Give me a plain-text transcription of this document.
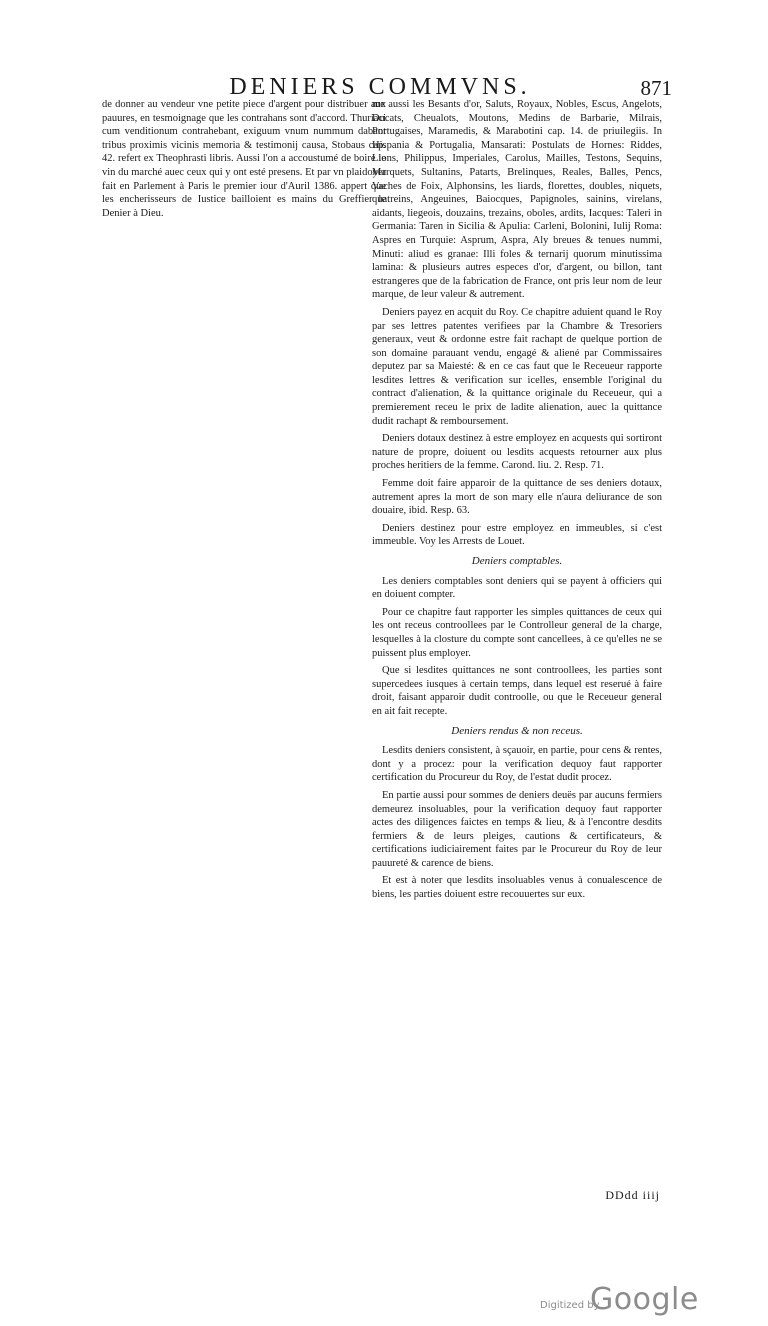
DENIERS COMMVNS.	871

de donner au vendeur vne petite piece d'argent pour distribuer aux pauures, en tesmoignage que les contrahans sont d'accord. Thuriaci cum venditionum contrahebant, exiguum vnum nummum dabant tribus proximis vicinis memoria & testimonij causa, Stobaus cap. 42. refert ex Theophrasti libris. Aussi l'on a accoustumé de boire le vin du marché auec ceux qui y ont esté presens. Et par vn plaidoyer fait en Parlement à Paris le premier iour d'Auril 1386. appert que les encherisseurs de Iustice bailloient es mains du Greffier le Denier à Dieu.

me aussi les Besants d'or, Saluts, Royaux, Nobles, Escus, Angelots, Ducats, Cheualots, Moutons, Medins de Barbarie, Milrais, Portugaises, Maramedis, & Marabotini cap. 14. de priuilegiis. In Hispania & Portugalia, Mansarati: Postulats de Hornes: Riddes, Lions, Philippus, Imperiales, Carolus, Mailles, Testons, Sequins, Marquets, Sultanins, Patarts, Brelinques, Reales, Balles, Pencs, Vaches de Foix, Alphonsins, les liards, florettes, doubles, niquets, quatreins, Angeuines, Baiocques, Papignoles, sainins, virelans, aidants, liegeois, douzains, trezains, oboles, ardits, Iacques: Taleri in Germania: Taren in Sicilia & Apulia: Carleni, Bolonini, Iulij Roma: Aspres en Turquie: Asprum, Aspra, Aly breues & tenues nummi, Minuti: aliud es granae: Illi foles & ternarij quorum minutissima lamina: & plusieurs autres especes d'or, d'argent, ou billon, tant estrangeres que de la fabrication de France, ont pris leur nom de leur marque, de leur valeur & autrement.

Deniers payez en acquit du Roy. Ce chapitre aduient quand le Roy par ses lettres patentes verifiees par la Chambre & Tresoriers generaux, veut & ordonne estre fait rachapt de quelque portion de son domaine parauant vendu, engagé & aliené par Commissaires deputez par sa Maiesté: & en ce cas faut que le Receueur rapporte lesdites lettres & verification sur icelles, ensemble l'original du contract d'alienation, & la quittance originale du Receueur, qui a premierement receu le prix de ladite alienation, auec la quittance dudit rachapt & remboursement.

Deniers dotaux destinez à estre employez en acquests qui sortiront nature de propre, doiuent ou lesdits acquests retourner aux plus proches heritiers de la femme. Carond. liu. 2. Resp. 71.

Femme doit faire apparoir de la quittance de ses deniers dotaux, autrement apres la mort de son mary elle n'aura deliurance de son douaire, ibid. Resp. 63.

Deniers destinez pour estre employez en immeubles, si c'est immeuble. Voy les Arrests de Louet.

Deniers comptables.

Les deniers comptables sont deniers qui se payent à officiers qui en doiuent compter.

Pour ce chapitre faut rapporter les simples quittances de ceux qui les ont receus controollees par le Controlleur general de la charge, lesquelles à la closture du compte sont cancellees, à ce qu'elles ne se puissent plus employer.

Que si lesdites quittances ne sont controollees, les parties sont supercedees iusques à certain temps, dans lequel est reserué à faire droit, faisant apparoir dudit controolle, ou que le Receueur general en ait fait recepte.

Deniers rendus & non receus.

Lesdits deniers consistent, à sçauoir, en partie, pour cens & rentes, dont y a procez: pour la verification dequoy faut rapporter certification du Procureur du Roy, de l'estat dudit procez.

En partie aussi pour sommes de deniers deuës par aucuns fermiers demeurez insoluables, pour la verification dequoy faut rapporter actes des diligences faictes en temps & lieu, & à l'encontre desdits fermiers & de leurs pleiges, cautions & certificateurs, & certifications iudiciairement faites par le Procureur du Roy de leur pauureté & carence de biens.

Et est à noter que lesdits insoluables venus à conualescence de biens, les parties doiuent estre recouuertes sur eux.

DDdd iiij
Digitized by
Google
